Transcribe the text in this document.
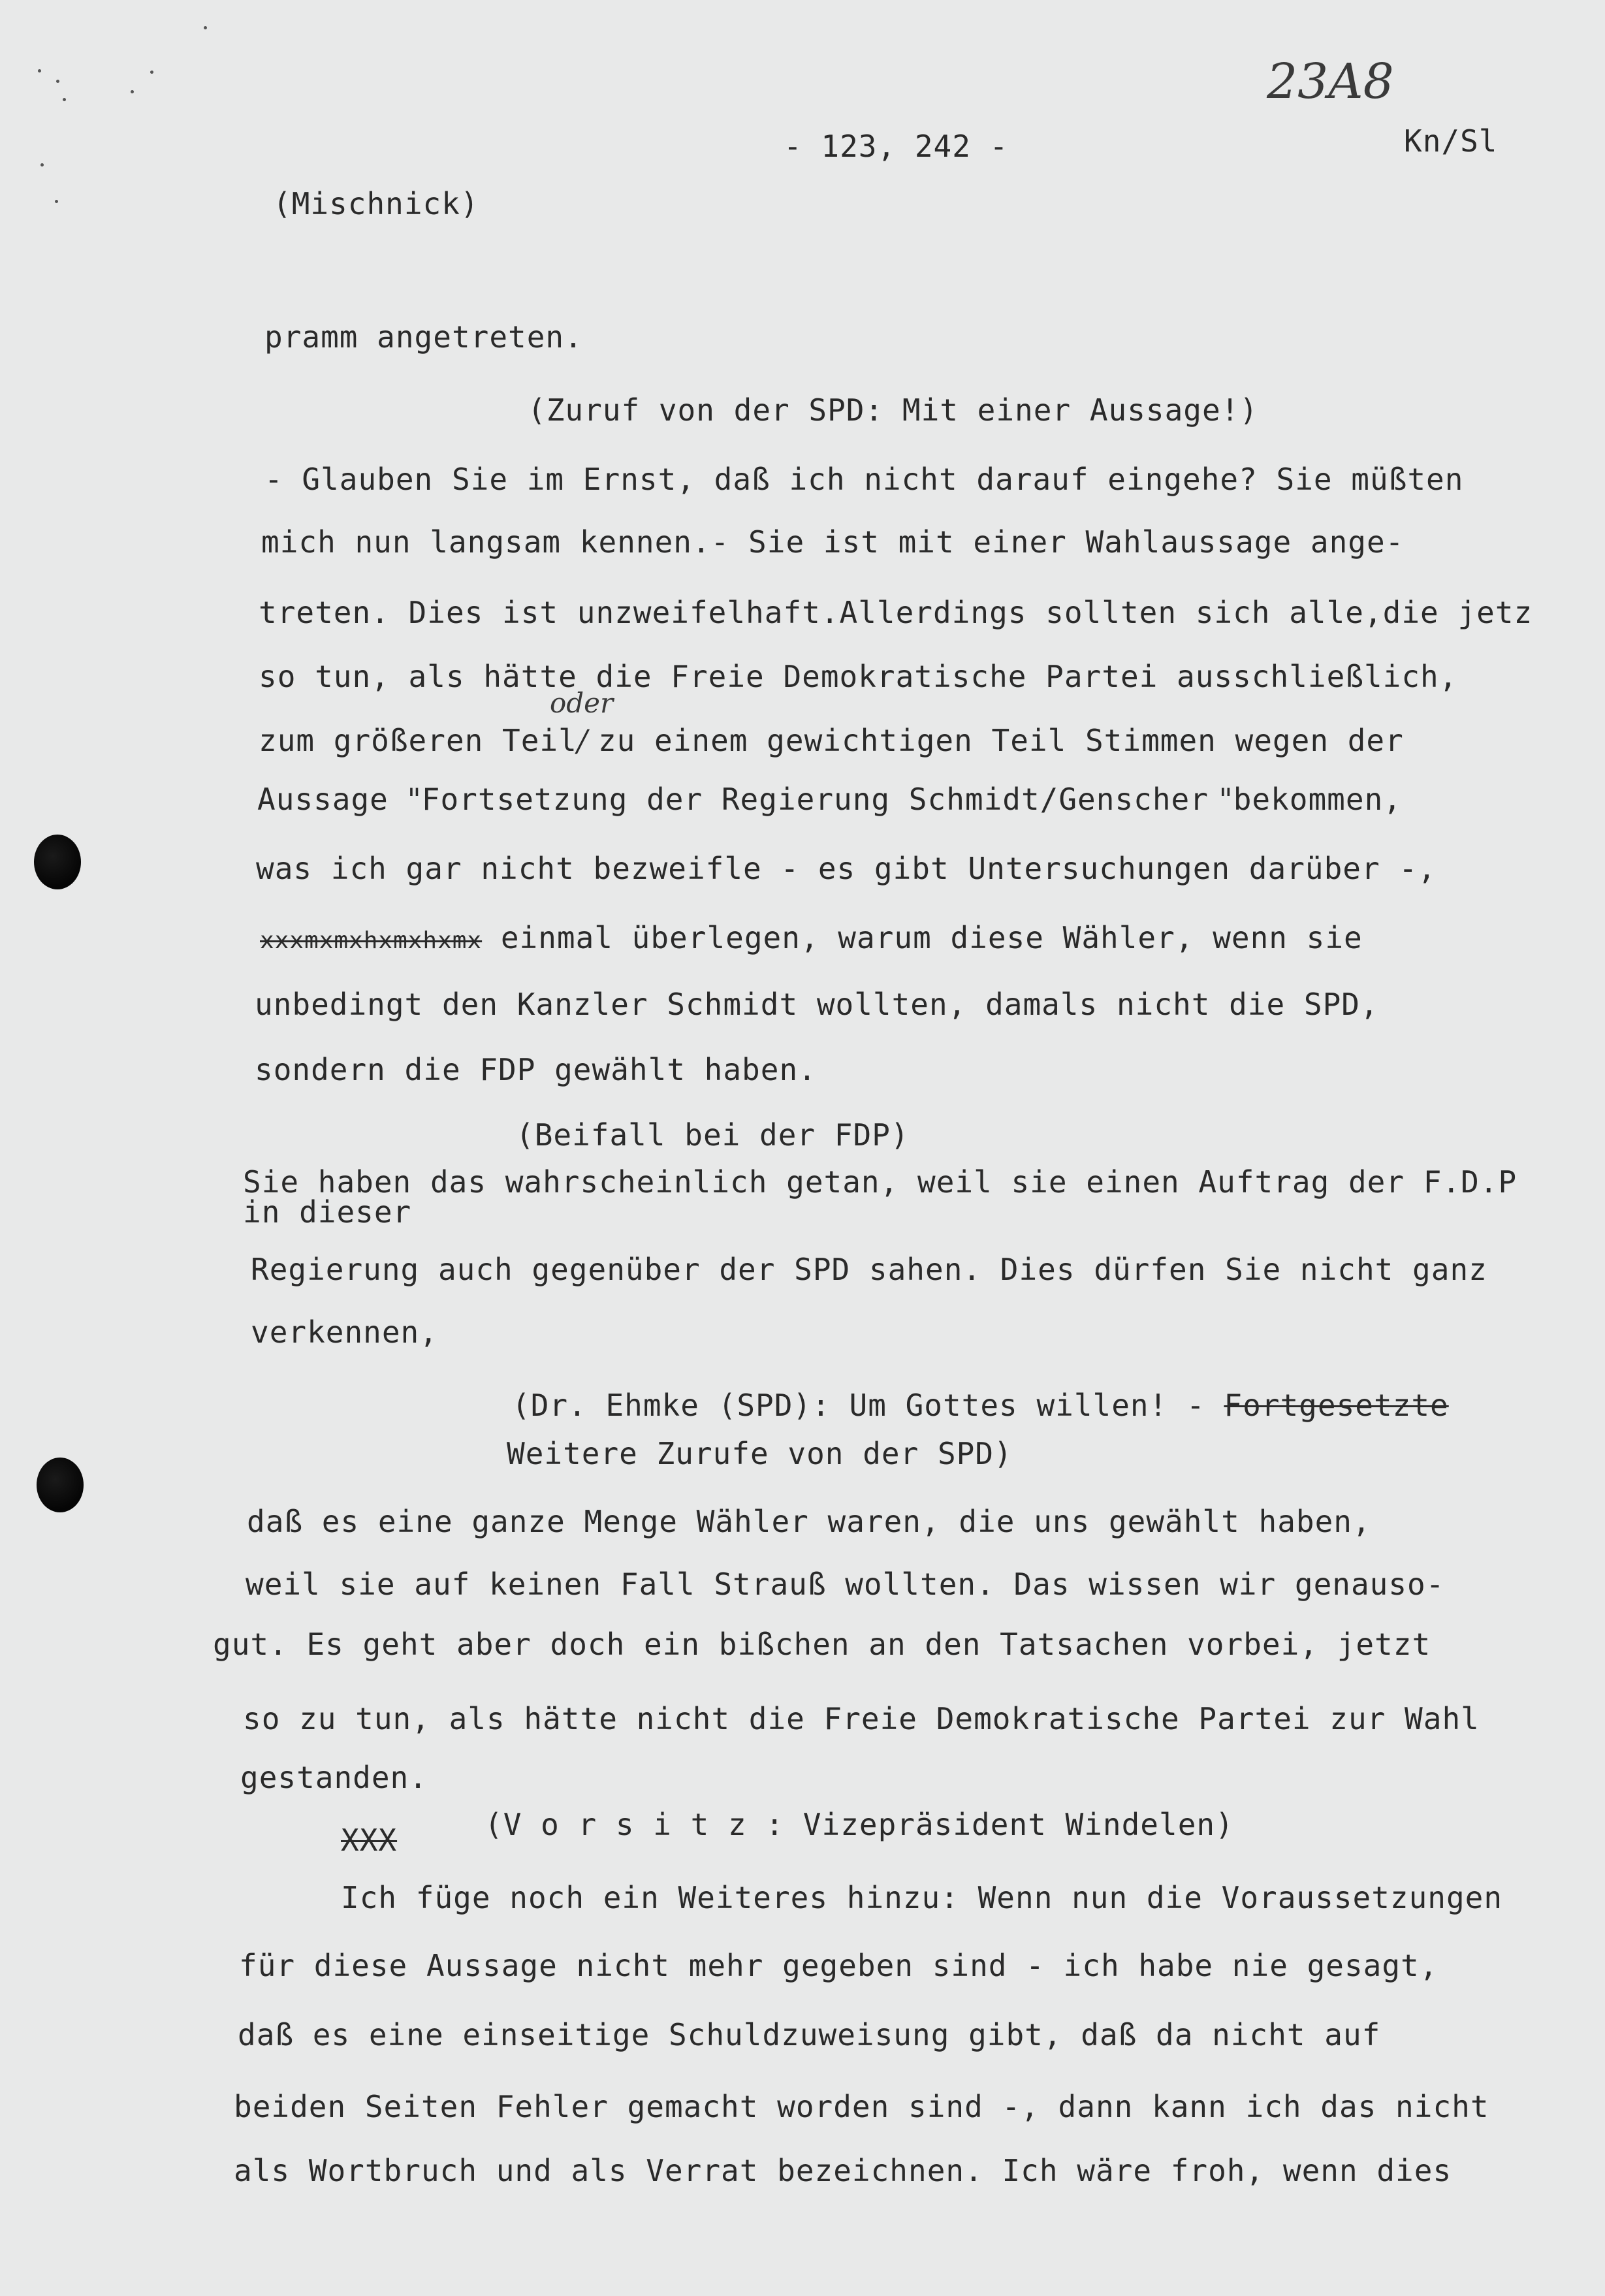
23A8
- 123, 242 -	Kn/Sl
(Mischnick)
pramm angetreten.
(Zuruf von der SPD: Mit einer Aussage!)
- Glauben Sie im Ernst, daß ich nicht darauf eingehe? Sie müßten
mich nun langsam kennen.- Sie ist mit einer Wahlaussage ange-
treten. Dies ist unzweifelhaft.Allerdings sollten sich alle,die jetz
so tun, als hätte die Freie Demokratische Partei ausschließlich,
zum größeren Teil/ zu einem gewichtigen Teil Stimmen wegen der
oder
Aussage "Fortsetzung der Regierung Schmidt/Genscher "bekommen,
was ich gar nicht bezweifle - es gibt Untersuchungen darüber -,
xxxmxmxhxmxhxmx einmal überlegen, warum diese Wähler, wenn sie
unbedingt den Kanzler Schmidt wollten, damals nicht die SPD,
sondern die FDP gewählt haben.
(Beifall bei der FDP)
Sie haben das wahrscheinlich getan, weil sie einen Auftrag der F.D.P
in dieser
Regierung auch gegenüber der SPD sahen. Dies dürfen Sie nicht ganz
verkennen,
(Dr. Ehmke (SPD): Um Gottes willen! - Fortgesetzte
Weitere Zurufe von der SPD)
daß es eine ganze Menge Wähler waren, die uns gewählt haben,
weil sie auf keinen Fall Strauß wollten. Das wissen wir genauso-
gut. Es geht aber doch ein bißchen an den Tatsachen vorbei, jetzt
so zu tun, als hätte nicht die Freie Demokratische Partei zur Wahl
gestanden.
XXX	(V o r s i t z : Vizepräsident Windelen)
Ich füge noch ein Weiteres hinzu: Wenn nun die Voraussetzungen
für diese Aussage nicht mehr gegeben sind - ich habe nie gesagt,
daß es eine einseitige Schuldzuweisung gibt, daß da nicht auf
beiden Seiten Fehler gemacht worden sind -, dann kann ich das nicht
als Wortbruch und als Verrat bezeichnen. Ich wäre froh, wenn dies
